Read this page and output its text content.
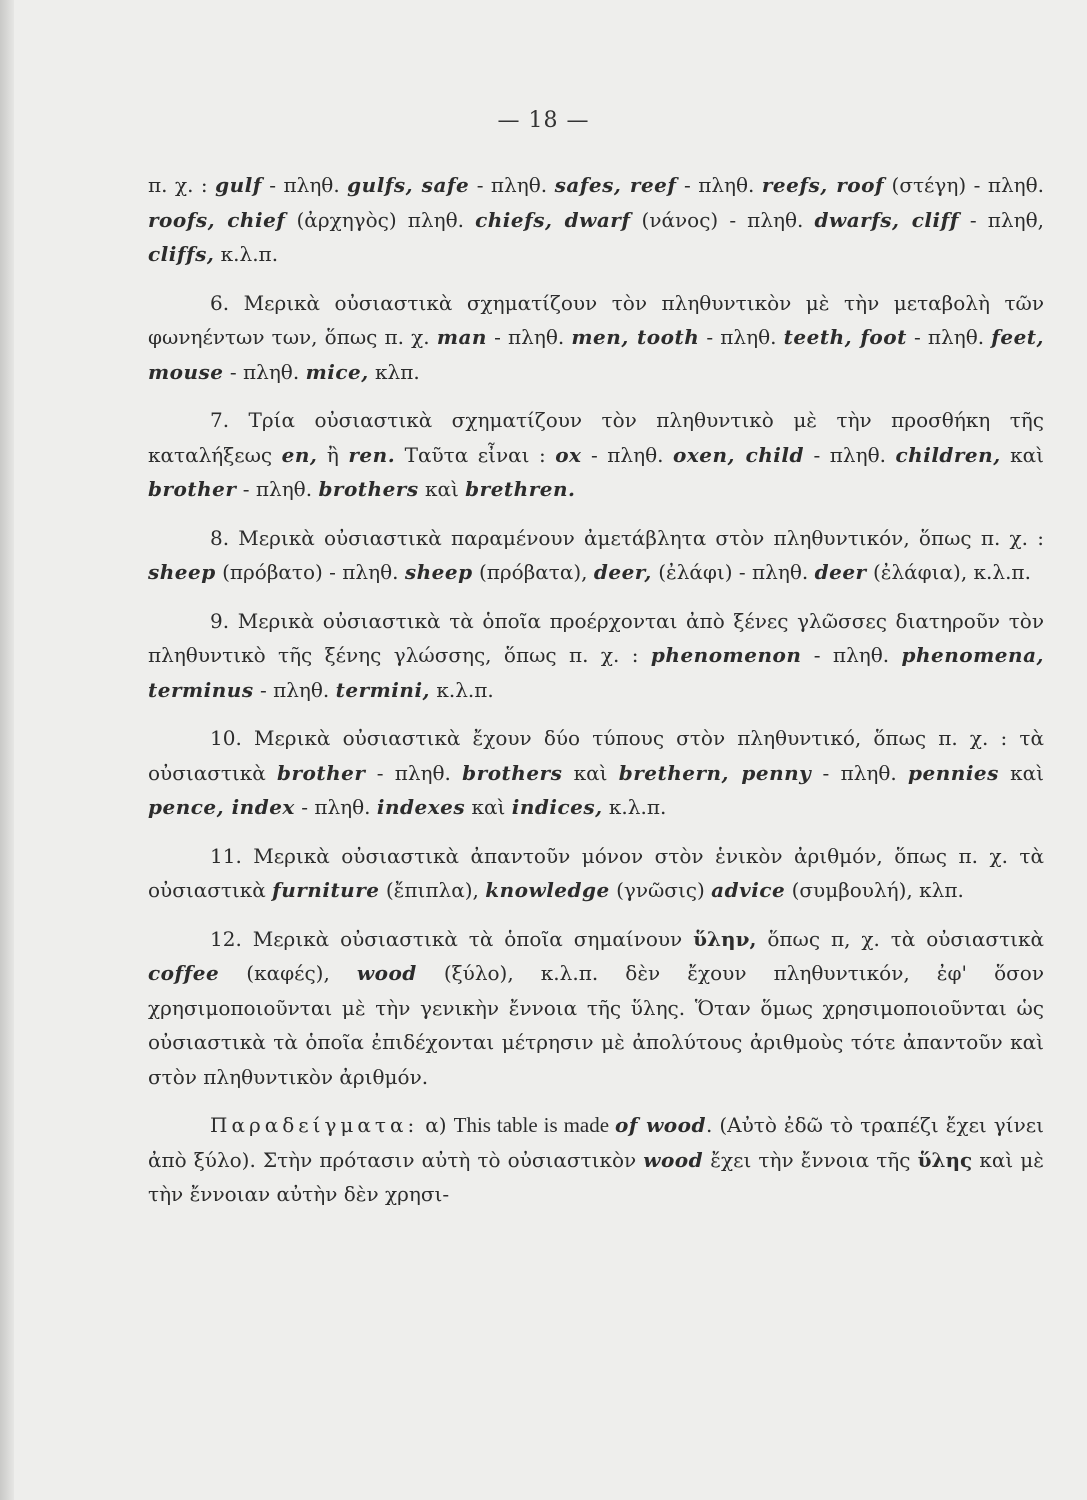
— 18 —

π. χ. : gulf - πληθ. gulfs, safe - πληθ. safes, reef - πληθ. reefs, roof (στέγη) - πληθ. roofs, chief (ἀρχηγὸς) πληθ. chiefs, dwarf (νάνος) - πληθ. dwarfs, cliff - πληθ, cliffs, κ.λ.π.

6. Μερικὰ οὐσιαστικὰ σχηματίζουν τὸν πληθυντικὸν μὲ τὴν μεταβολὴ τῶν φωνηέντων των, ὅπως π. χ. man - πληθ. men, tooth - πληθ. teeth, foot - πληθ. feet, mouse - πληθ. mice, κλπ.

7. Τρία οὐσιαστικὰ σχηματίζουν τὸν πληθυντικὸ μὲ τὴν προσθήκη τῆς καταλήξεως en, ἢ ren. Ταῦτα εἶναι : ox - πληθ. oxen, child - πληθ. children, καὶ brother - πληθ. brothers καὶ brethren.

8. Μερικὰ οὐσιαστικὰ παραμένουν ἀμετάβλητα στὸν πληθυντικόν, ὅπως π. χ. : sheep (πρόβατο) - πληθ. sheep (πρόβατα), deer, (ἐλάφι) - πληθ. deer (ἐλάφια), κ.λ.π.

9. Μερικὰ οὐσιαστικὰ τὰ ὁποῖα προέρχονται ἀπὸ ξένες γλῶσσες διατηροῦν τὸν πληθυντικὸ τῆς ξένης γλώσσης, ὅπως π. χ. : phenomenon - πληθ. phenomena, terminus - πληθ. termini, κ.λ.π.

10. Μερικὰ οὐσιαστικὰ ἔχουν δύο τύπους στὸν πληθυντικό, ὅπως π. χ. : τὰ οὐσιαστικὰ brother - πληθ. brothers καὶ brethern, penny - πληθ. pennies καὶ pence, index - πληθ. indexes καὶ indices, κ.λ.π.

11. Μερικὰ οὐσιαστικὰ ἀπαντοῦν μόνον στὸν ἑνικὸν ἀριθμόν, ὅπως π. χ. τὰ οὐσιαστικὰ furniture (ἔπιπλα), knowledge (γνῶσις) advice (συμβουλή), κλπ.

12. Μερικὰ οὐσιαστικὰ τὰ ὁποῖα σημαίνουν ὕλην, ὅπως π, χ. τὰ οὐσιαστικὰ coffee (καφές), wood (ξύλο), κ.λ.π. δὲν ἔχουν πληθυντικόν, ἐφ' ὅσον χρησιμοποιοῦνται μὲ τὴν γενικὴν ἔννοια τῆς ὕλης. Ὅταν ὅμως χρησιμοποιοῦνται ὡς οὐσιαστικὰ τὰ ὁποῖα ἐπιδέχονται μέτρησιν μὲ ἀπολύτους ἀριθμοὺς τότε ἀπαντοῦν καὶ στὸν πληθυντικὸν ἀριθμόν.

Παραδείγματα: α) This table is made of wood. (Αὐτὸ ἐδῶ τὸ τραπέζι ἔχει γίνει ἀπὸ ξύλο). Στὴν πρότασιν αὐτὴ τὸ οὐσιαστικὸν wood ἔχει τὴν ἔννοια τῆς ὕλης καὶ μὲ τὴν ἔννοιαν αὐτὴν δὲν χρησι-
